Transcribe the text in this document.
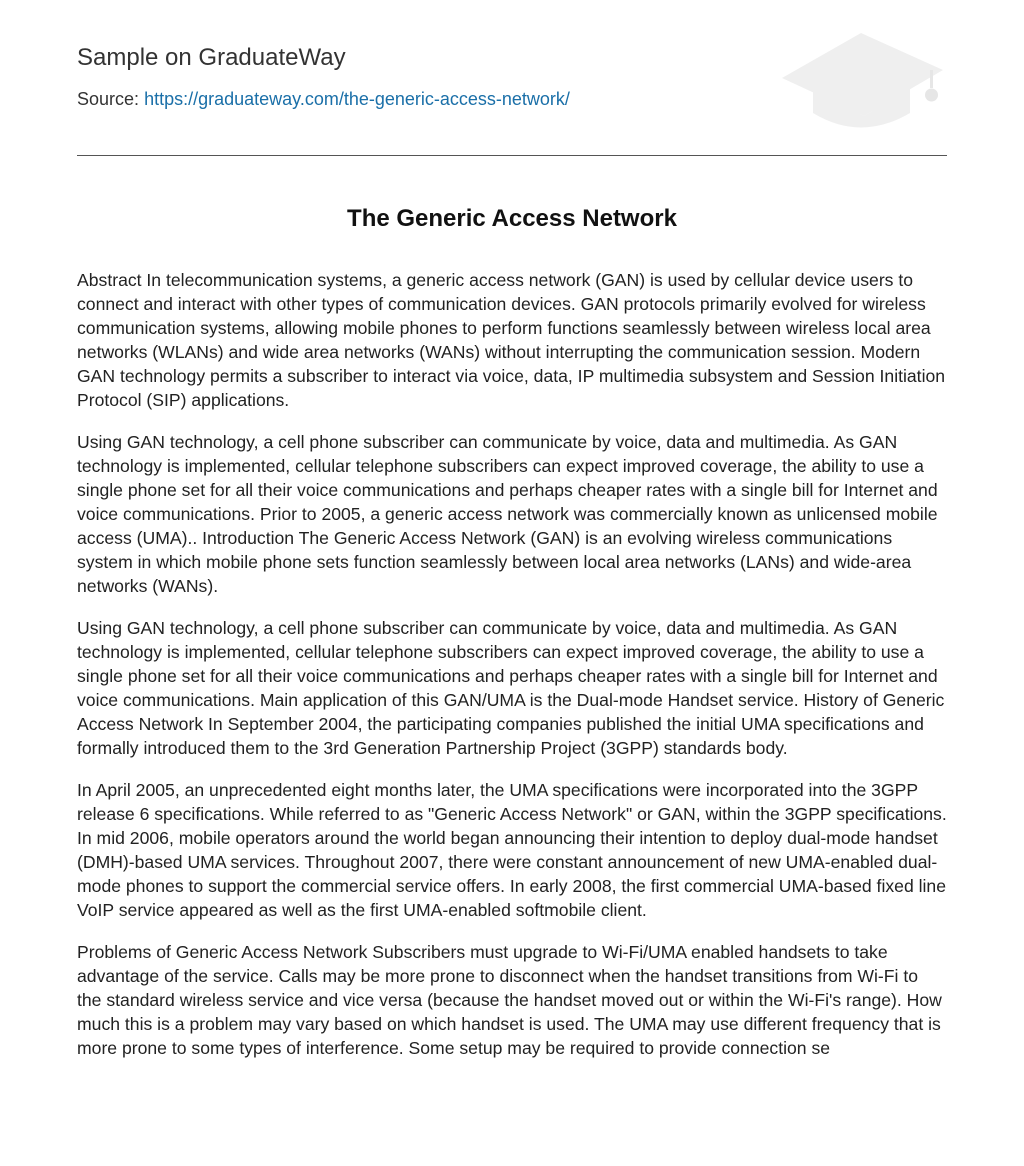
Sample on GraduateWay
Source: https://graduateway.com/the-generic-access-network/
The Generic Access Network

Abstract In telecommunication systems, a generic access network (GAN) is used by cellular device users to connect and interact with other types of communication devices. GAN protocols primarily evolved for wireless communication systems, allowing mobile phones to perform functions seamlessly between wireless local area networks (WLANs) and wide area networks (WANs) without interrupting the communication session. Modern GAN technology permits a subscriber to interact via voice, data, IP multimedia subsystem and Session Initiation Protocol (SIP) applications.

Using GAN technology, a cell phone subscriber can communicate by voice, data and multimedia. As GAN technology is implemented, cellular telephone subscribers can expect improved coverage, the ability to use a single phone set for all their voice communications and perhaps cheaper rates with a single bill for Internet and voice communications. Prior to 2005, a generic access network was commercially known as unlicensed mobile access (UMA).. Introduction The Generic Access Network (GAN) is an evolving wireless communications system in which mobile phone sets function seamlessly between local area networks (LANs) and wide-area networks (WANs).

Using GAN technology, a cell phone subscriber can communicate by voice, data and multimedia. As GAN technology is implemented, cellular telephone subscribers can expect improved coverage, the ability to use a single phone set for all their voice communications and perhaps cheaper rates with a single bill for Internet and voice communications. Main application of this GAN/UMA is the Dual-mode Handset service. History of Generic Access Network In September 2004, the participating companies published the initial UMA specifications and formally introduced them to the 3rd Generation Partnership Project (3GPP) standards body.

In April 2005, an unprecedented eight months later, the UMA specifications were incorporated into the 3GPP release 6 specifications. While referred to as "Generic Access Network" or GAN, within the 3GPP specifications. In mid 2006, mobile operators around the world began announcing their intention to deploy dual-mode handset (DMH)-based UMA services. Throughout 2007, there were constant announcement of new UMA-enabled dual-mode phones to support the commercial service offers. In early 2008, the first commercial UMA-based fixed line VoIP service appeared as well as the first UMA-enabled softmobile client.

Problems of Generic Access Network Subscribers must upgrade to Wi-Fi/UMA enabled handsets to take advantage of the service. Calls may be more prone to disconnect when the handset transitions from Wi-Fi to the standard wireless service and vice versa (because the handset moved out or within the Wi-Fi's range). How much this is a problem may vary based on which handset is used. The UMA may use different frequency that is more prone to some types of interference. Some setup may be required to provide connection se
